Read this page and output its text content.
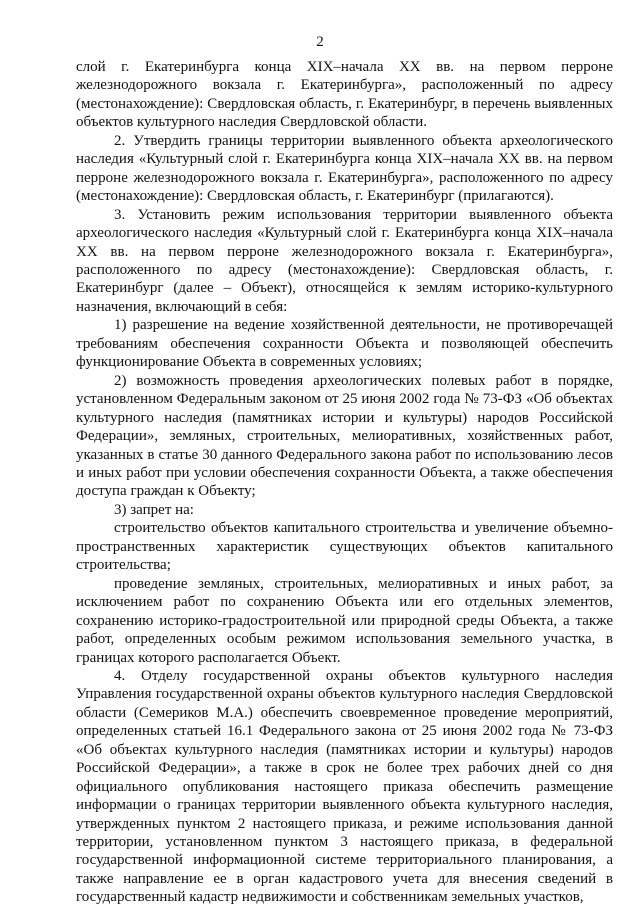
2

слой г. Екатеринбурга конца XIX–начала XX вв. на первом перроне железнодорожного вокзала г. Екатеринбурга», расположенный по адресу (местонахождение): Свердловская область, г. Екатеринбург, в перечень выявленных объектов культурного наследия Свердловской области.

2. Утвердить границы территории выявленного объекта археологического наследия «Культурный слой г. Екатеринбурга конца XIX–начала XX вв. на первом перроне железнодорожного вокзала г. Екатеринбурга», расположенного по адресу (местонахождение): Свердловская область, г. Екатеринбург (прилагаются).

3. Установить режим использования территории выявленного объекта археологического наследия «Культурный слой г. Екатеринбурга конца XIX–начала XX вв. на первом перроне железнодорожного вокзала г. Екатеринбурга», расположенного по адресу (местонахождение): Свердловская область, г. Екатеринбург (далее – Объект), относящейся к землям историко-культурного назначения, включающий в себя:

1) разрешение на ведение хозяйственной деятельности, не противоречащей требованиям обеспечения сохранности Объекта и позволяющей обеспечить функционирование Объекта в современных условиях;

2) возможность проведения археологических полевых работ в порядке, установленном Федеральным законом от 25 июня 2002 года № 73-ФЗ «Об объектах культурного наследия (памятниках истории и культуры) народов Российской Федерации», земляных, строительных, мелиоративных, хозяйственных работ, указанных в статье 30 данного Федерального закона работ по использованию лесов и иных работ при условии обеспечения сохранности Объекта, а также обеспечения доступа граждан к Объекту;

3) запрет на:

строительство объектов капитального строительства и увеличение объемно-пространственных характеристик существующих объектов капитального строительства;

проведение земляных, строительных, мелиоративных и иных работ, за исключением работ по сохранению Объекта или его отдельных элементов, сохранению историко-градостроительной или природной среды Объекта, а также работ, определенных особым режимом использования земельного участка, в границах которого располагается Объект.

4. Отделу государственной охраны объектов культурного наследия Управления государственной охраны объектов культурного наследия Свердловской области (Семериков М.А.) обеспечить своевременное проведение мероприятий, определенных статьей 16.1 Федерального закона от 25 июня 2002 года № 73-ФЗ «Об объектах культурного наследия (памятниках истории и культуры) народов Российской Федерации», а также в срок не более трех рабочих дней со дня официального опубликования настоящего приказа обеспечить размещение информации о границах территории выявленного объекта культурного наследия, утвержденных пунктом 2 настоящего приказа, и режиме использования данной территории, установленном пунктом 3 настоящего приказа, в федеральной государственной информационной системе территориального планирования, а также направление ее в орган кадастрового учета для внесения сведений в государственный кадастр недвижимости и собственникам земельных участков,
